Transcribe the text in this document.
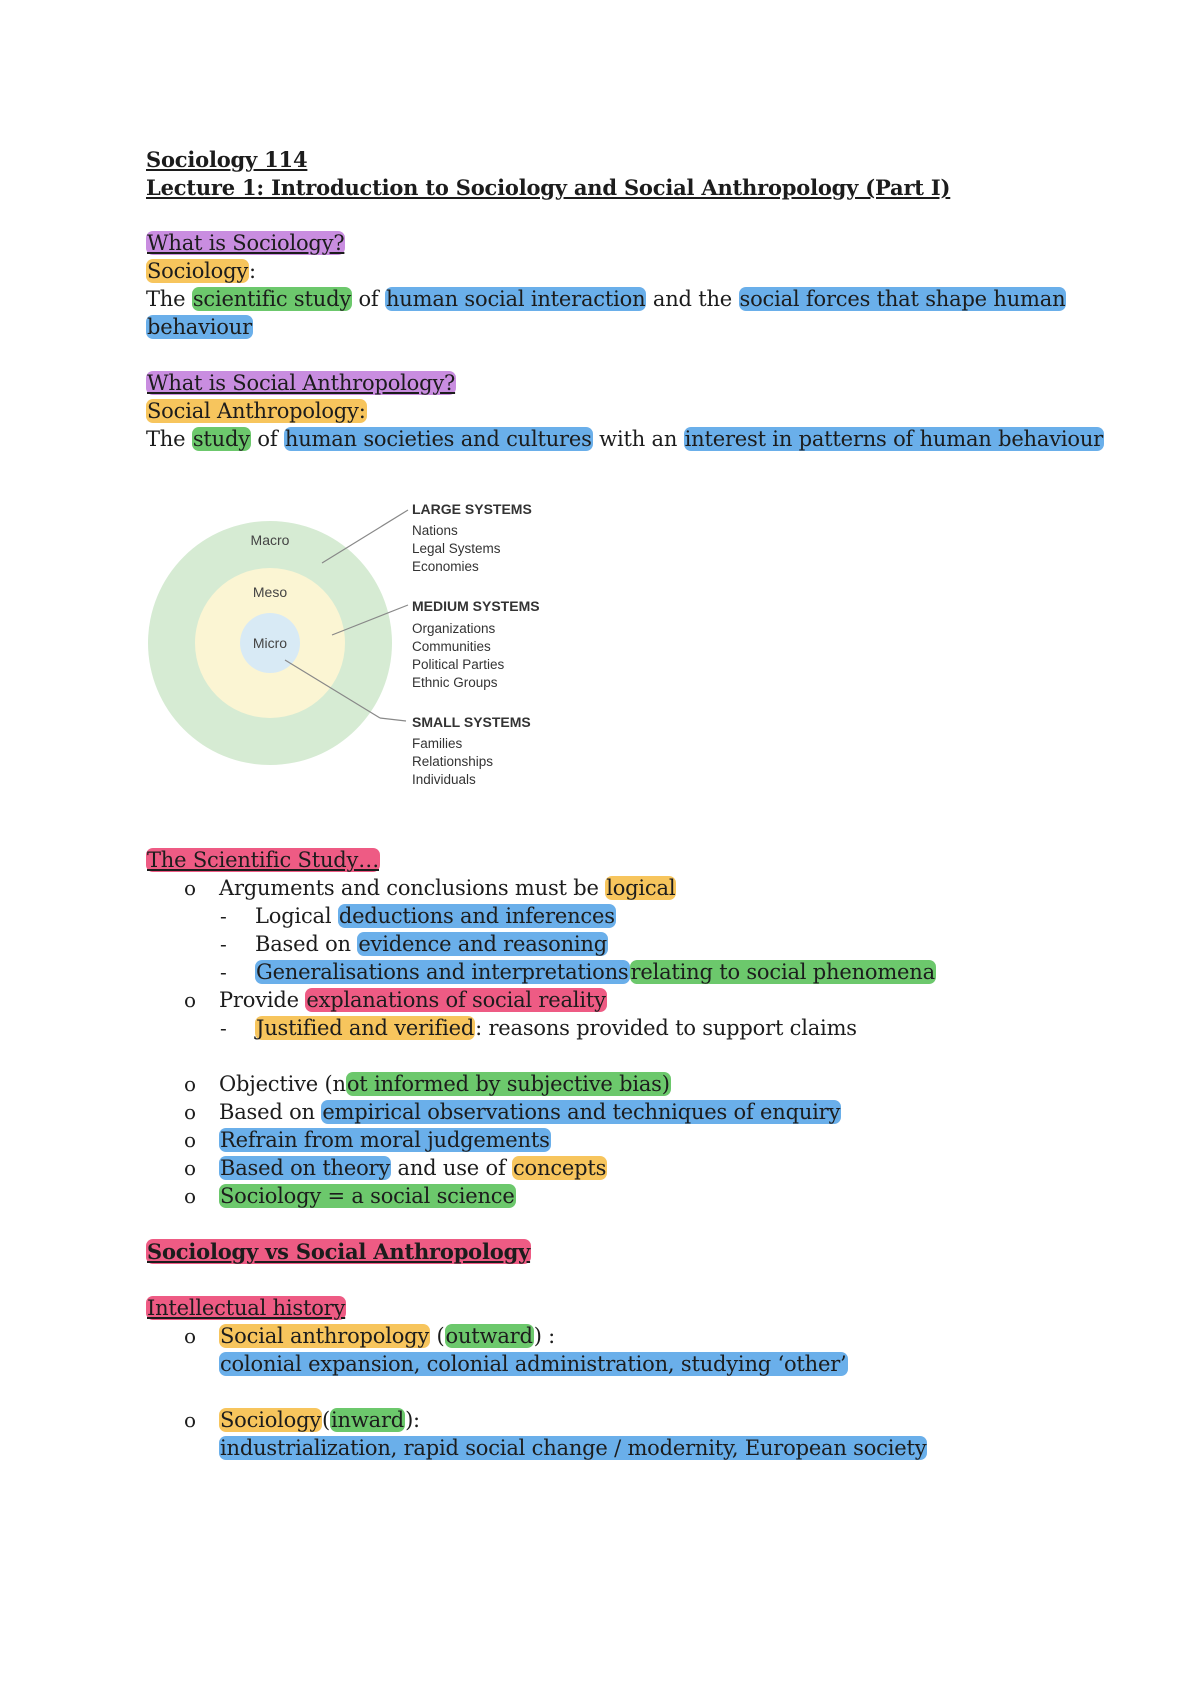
Sociology 114
Lecture 1: Introduction to Sociology and Social Anthropology (Part I)
What is Sociology?
Sociology:
The scientific study of human social interaction and the social forces that shape human
behaviour
What is Social Anthropology?
Social Anthropology:
The study of human societies and cultures with an interest in patterns of human behaviour
Macro
Meso
Micro
LARGE SYSTEMS
Nations
Legal Systems
Economies
MEDIUM SYSTEMS
Organizations
Communities
Political Parties
Ethnic Groups
SMALL SYSTEMS
Families
Relationships
Individuals
The Scientific Study…
o Arguments and conclusions must be logical
- Logical deductions and inferences
- Based on evidence and reasoning
- Generalisations and interpretationsrelating to social phenomena
o Provide explanations of social reality
- Justified and verified: reasons provided to support claims
o Objective (not informed by subjective bias)
o Based on empirical observations and techniques of enquiry
o Refrain from moral judgements
o Based on theory and use of concepts
o Sociology = a social science
Sociology vs Social Anthropology
Intellectual history
o Social anthropology (outward) :
colonial expansion, colonial administration, studying ‘other’
o Sociology(inward):
industrialization, rapid social change / modernity, European society
